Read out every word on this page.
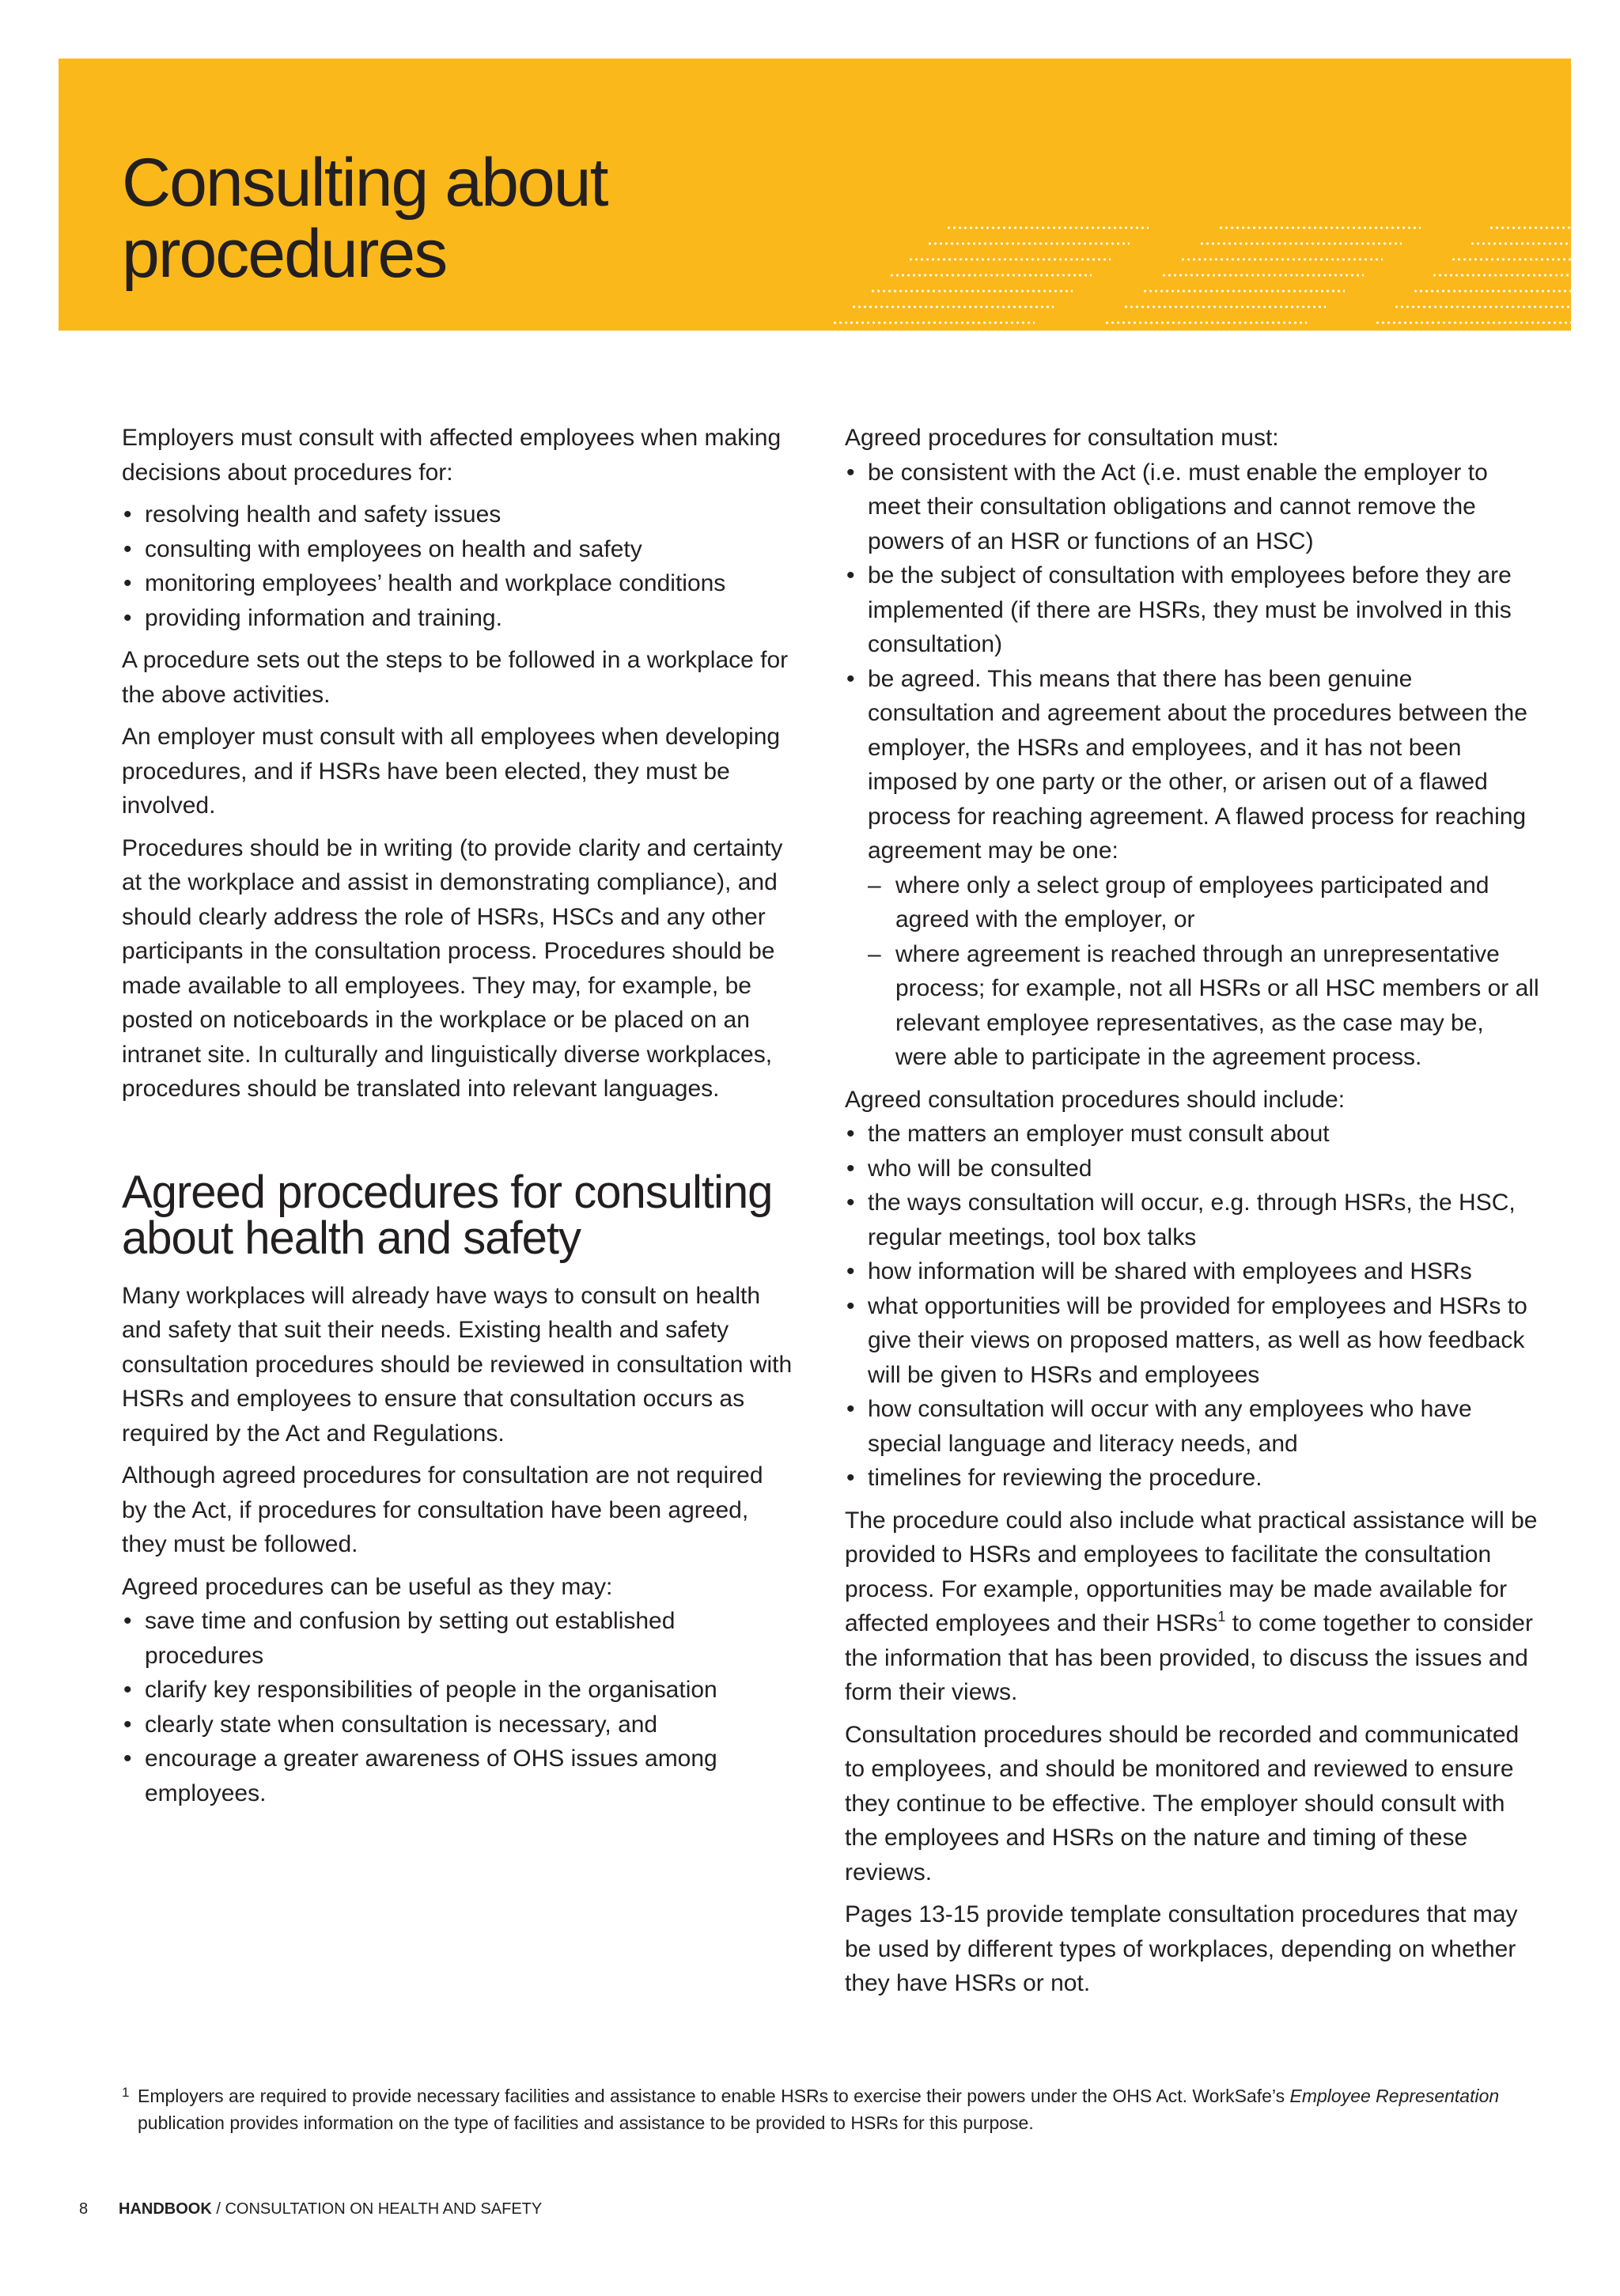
Consulting about
procedures

Employers must consult with affected employees when making decisions about procedures for:

• resolving health and safety issues
• consulting with employees on health and safety
• monitoring employees’ health and workplace conditions
• providing information and training.

A procedure sets out the steps to be followed in a workplace for the above activities.

An employer must consult with all employees when developing procedures, and if HSRs have been elected, they must be involved.

Procedures should be in writing (to provide clarity and certainty at the workplace and assist in demonstrating compliance), and should clearly address the role of HSRs, HSCs and any other participants in the consultation process. Procedures should be made available to all employees. They may, for example, be posted on noticeboards in the workplace or be placed on an intranet site. In culturally and linguistically diverse workplaces, procedures should be translated into relevant languages.

Agreed procedures for consulting about health and safety

Many workplaces will already have ways to consult on health and safety that suit their needs. Existing health and safety consultation procedures should be reviewed in consultation with HSRs and employees to ensure that consultation occurs as required by the Act and Regulations.

Although agreed procedures for consultation are not required by the Act, if procedures for consultation have been agreed, they must be followed.

Agreed procedures can be useful as they may:

• save time and confusion by setting out established procedures
• clarify key responsibilities of people in the organisation
• clearly state when consultation is necessary, and
• encourage a greater awareness of OHS issues among employees.

Agreed procedures for consultation must:

• be consistent with the Act (i.e. must enable the employer to meet their consultation obligations and cannot remove the powers of an HSR or functions of an HSC)
• be the subject of consultation with employees before they are implemented (if there are HSRs, they must be involved in this consultation)
• be agreed. This means that there has been genuine consultation and agreement about the procedures between the employer, the HSRs and employees, and it has not been imposed by one party or the other, or arisen out of a flawed process for reaching agreement. A flawed process for reaching agreement may be one:
– where only a select group of employees participated and agreed with the employer, or
– where agreement is reached through an unrepresentative process; for example, not all HSRs or all HSC members or all relevant employee representatives, as the case may be, were able to participate in the agreement process.

Agreed consultation procedures should include:

• the matters an employer must consult about
• who will be consulted
• the ways consultation will occur, e.g. through HSRs, the HSC, regular meetings, tool box talks
• how information will be shared with employees and HSRs
• what opportunities will be provided for employees and HSRs to give their views on proposed matters, as well as how feedback will be given to HSRs and employees
• how consultation will occur with any employees who have special language and literacy needs, and
• timelines for reviewing the procedure.

The procedure could also include what practical assistance will be provided to HSRs and employees to facilitate the consultation process. For example, opportunities may be made available for affected employees and their HSRs$^1$ to come together to consider the information that has been provided, to discuss the issues and form their views.

Consultation procedures should be recorded and communicated to employees, and should be monitored and reviewed to ensure they continue to be effective. The employer should consult with the employees and HSRs on the nature and timing of these reviews.

Pages 13-15 provide template consultation procedures that may be used by different types of workplaces, depending on whether they have HSRs or not.

1 Employers are required to provide necessary facilities and assistance to enable HSRs to exercise their powers under the OHS Act. WorkSafe’s Employee Representation publication provides information on the type of facilities and assistance to be provided to HSRs for this purpose.
8 HANDBOOK / CONSULTATION ON HEALTH AND SAFETY
